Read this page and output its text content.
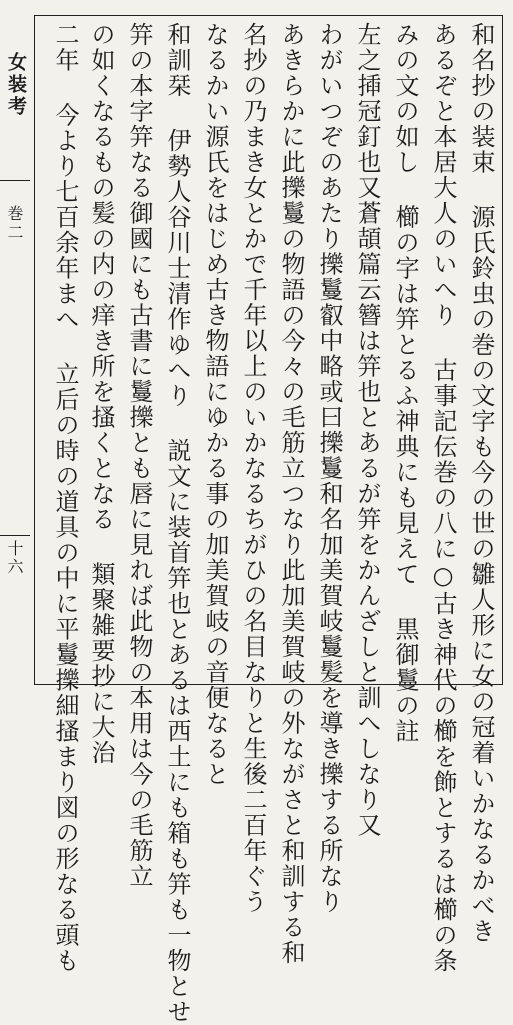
女装考
巻二
十六	和名抄の装束 源氏鈴虫の巻の文字も今の世の雛人形に女の冠着いかなるかべき
あるぞと本居大人のいへり 古事記伝巻の八に○古き神代の櫛を飾とするは櫛の条
みの文の如し 櫛の字は笄とるふ神典にも見えて 黒御鬘の註
左之揷冠釘也又蒼頡篇云簪は笄也とあるが笄をかんざしと訓へしなり又
わがいつぞのあたり擽鬘叡中略或曰擽鬘和名加美賀岐鬘髪を導き擽する所なり
あきらかに此擽鬘の物語の今々の毛筋立つなり此加美賀岐の外ながさと和訓する和
名抄の乃まき女とかで千年以上のいかなるちがひの名目なりと生後二百年ぐう
なるかい源氏をはじめ古き物語にゆかる事の加美賀岐の音便なると
和訓栞 伊勢人谷川士清作ゆへり 説文に装首笄也とあるは西土にも箱も笄も一物とせ
笄の本字笄なる御國にも古書に鬘擽とも唇に見れば此物の本用は今の毛筋立
の如くなるもの髪の内の痒き所を搔くとなる 類聚雑要抄に大治
二年 今より七百余年まへ 立后の時の道具の中に平鬘擽細搔まり図の形なる頭も
